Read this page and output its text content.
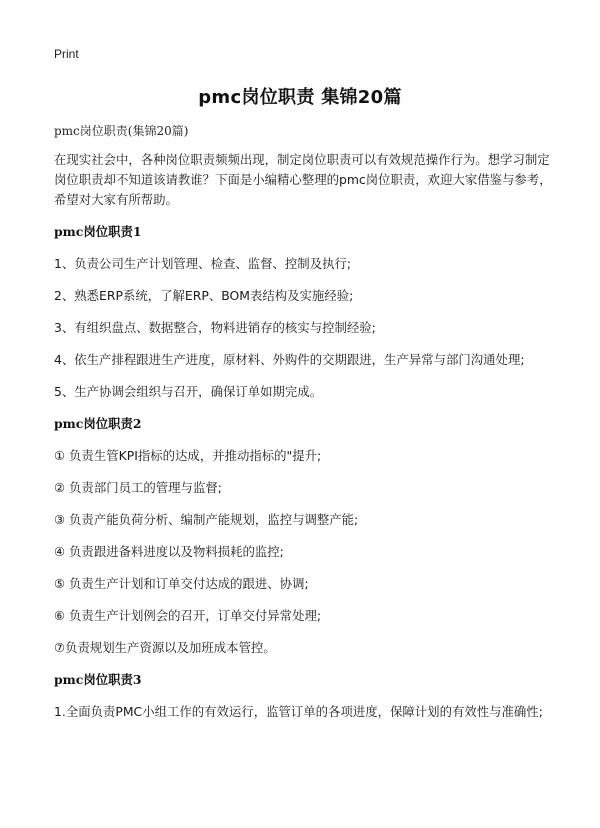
Print
pmc岗位职责 集锦20篇
pmc岗位职责(集锦20篇)

在现实社会中，各种岗位职责频频出现，制定岗位职责可以有效规范操作行为。想学习制定岗位职责却不知道该请教谁？下面是小编精心整理的pmc岗位职责，欢迎大家借鉴与参考，希望对大家有所帮助。

pmc岗位职责1

1、负责公司生产计划管理、检查、监督、控制及执行;

2、熟悉ERP系统，了解ERP、BOM表结构及实施经验;

3、有组织盘点、数据整合，物料进销存的核实与控制经验;

4、依生产排程跟进生产进度，原材料、外购件的交期跟进，生产异常与部门沟通处理;

5、生产协调会组织与召开，确保订单如期完成。

pmc岗位职责2

① 负责生管KPI指标的达成，并推动指标的"提升;

② 负责部门员工的管理与监督;

③ 负责产能负荷分析、编制产能规划，监控与调整产能;

④ 负责跟进备料进度以及物料损耗的监控;

⑤ 负责生产计划和订单交付达成的跟进、协调;

⑥ 负责生产计划例会的召开，订单交付异常处理;

⑦负责规划生产资源以及加班成本管控。

pmc岗位职责3

1.全面负责PMC小组工作的有效运行，监管订单的各项进度，保障计划的有效性与准确性;
